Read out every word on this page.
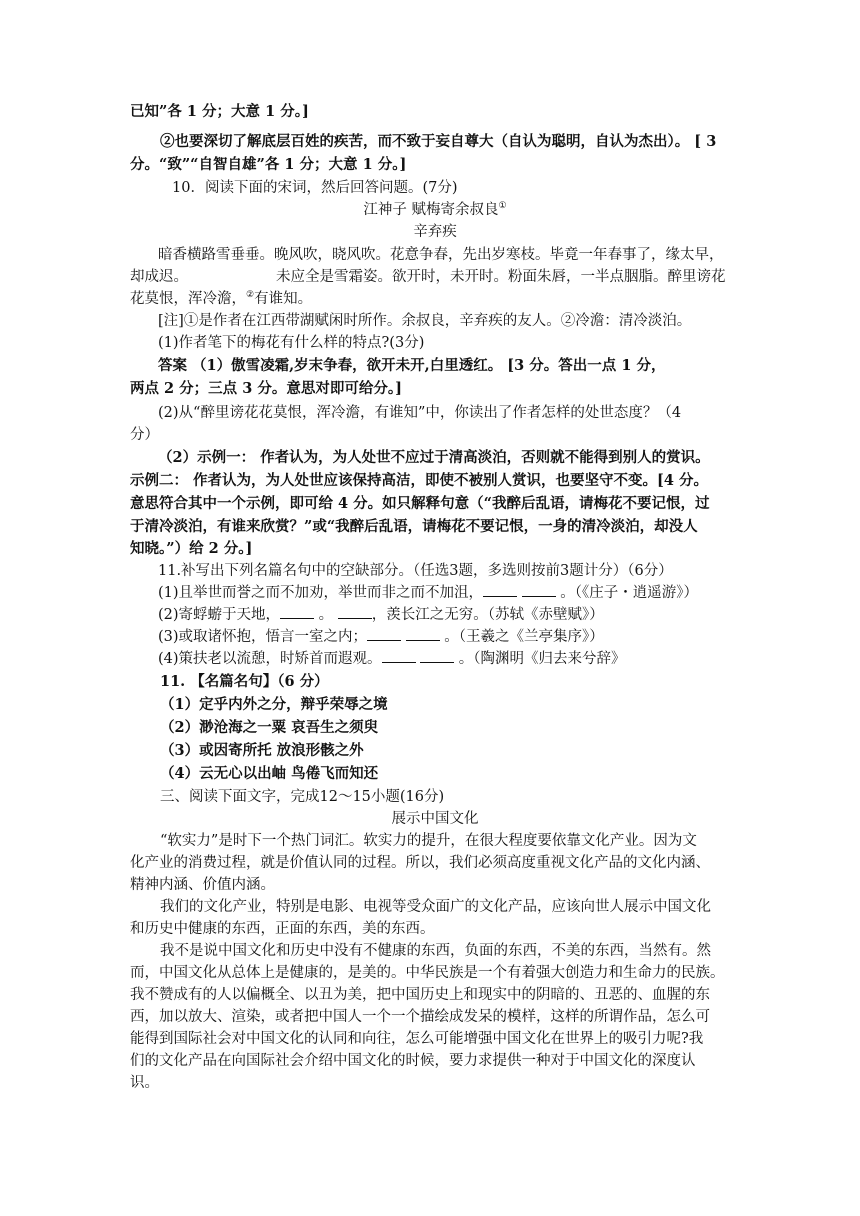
已知”各 1 分；大意 1 分。]
②也要深切了解底层百姓的疾苦，而不致于妄自尊大（自认为聪明，自认为杰出）。 [ 3
分。“致”“自智自雄”各 1 分；大意 1 分。]
10．阅读下面的宋词，然后回答问题。(7分)
江神子 赋梅寄余叔良①
辛弃疾
暗香横路雪垂垂。晚风吹，晓风吹。花意争春，先出岁寒枝。毕竟一年春事了，缘太早，
却成迟。	未应全是雪霜姿。欲开时，未开时。粉面朱唇，一半点胭脂。醉里谤花
花莫恨，浑冷澹，②有谁知。
[注]①是作者在江西带湖赋闲时所作。余叔良，辛弃疾的友人。②冷澹：清冷淡泊。
(1)作者笔下的梅花有什么样的特点?(3分)
答案 （1）傲雪凌霜,岁末争春，欲开未开,白里透红。 [3 分。答出一点 1 分，
两点 2 分；三点 3 分。意思对即可给分。]
(2)从“醉里谤花花莫恨，浑冷澹，有谁知”中，你读出了作者怎样的处世态度？（4
分）
（2）示例一： 作者认为，为人处世不应过于清高淡泊，否则就不能得到别人的赏识。
示例二： 作者认为，为人处世应该保持高洁，即使不被别人赏识，也要坚守不变。[4 分。
意思符合其中一个示例，即可给 4 分。如只解释句意（“我醉后乱语，请梅花不要记恨，过
于清冷淡泊，有谁来欣赏？”或“我醉后乱语，请梅花不要记恨，一身的清冷淡泊，却没人
知晓。”）给 2 分。]
11.补写出下列名篇名句中的空缺部分。（任选3题，多选则按前3题计分）（6分）
(1)且举世而誉之而不加劝，举世而非之而不加沮，	。（《庄子・逍遥游》）
(2)寄蜉蝣于天地，	。	，羡长江之无穷。（苏轼《赤壁赋》）
(3)或取诸怀抱，悟言一室之内；	。（王羲之《兰亭集序》）
(4)策扶老以流憩，时矫首而遐观。	。（陶渊明《归去来兮辞》
11. 【名篇名句】（6 分）
（1）定乎内外之分，辩乎荣辱之境
（2）渺沧海之一粟 哀吾生之须臾
（3）或因寄所托 放浪形骸之外
（4）云无心以出岫 鸟倦飞而知还
三、阅读下面文字，完成12～15小题(16分)
展示中国文化
“软实力”是时下一个热门词汇。软实力的提升，在很大程度要依靠文化产业。因为文
化产业的消费过程，就是价值认同的过程。所以，我们必须高度重视文化产品的文化内涵、
精神内涵、价值内涵。
我们的文化产业，特别是电影、电视等受众面广的文化产品，应该向世人展示中国文化
和历史中健康的东西，正面的东西，美的东西。
我不是说中国文化和历史中没有不健康的东西，负面的东西，不美的东西，当然有。然
而，中国文化从总体上是健康的，是美的。中华民族是一个有着强大创造力和生命力的民族。
我不赞成有的人以偏概全、以丑为美，把中国历史上和现实中的阴暗的、丑恶的、血腥的东
西，加以放大、渲染，或者把中国人一个一个描绘成发呆的模样，这样的所谓作品，怎么可
能得到国际社会对中国文化的认同和向往，怎么可能增强中国文化在世界上的吸引力呢?我
们的文化产品在向国际社会介绍中国文化的时候，要力求提供一种对于中国文化的深度认
识。
